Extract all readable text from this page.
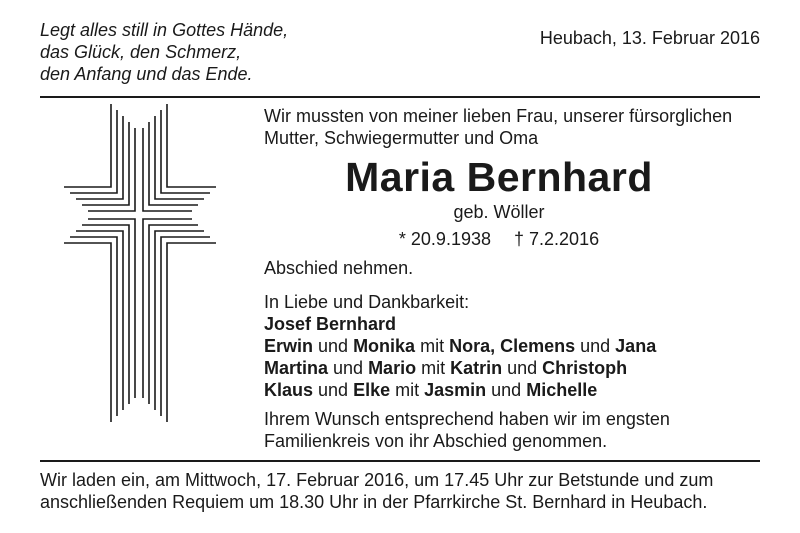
Legt alles still in Gottes Hände,
das Glück, den Schmerz,
den Anfang und das Ende.
Heubach, 13. Februar 2016
Wir mussten von meiner lieben Frau, unserer fürsorglichen
Mutter, Schwiegermutter und Oma
Maria Bernhard
geb. Wöller
* 20.9.1938 † 7.2.2016
Abschied nehmen.
In Liebe und Dankbarkeit:
Josef Bernhard
Erwin und Monika mit Nora, Clemens und Jana
Martina und Mario mit Katrin und Christoph
Klaus und Elke mit Jasmin und Michelle
Ihrem Wunsch entsprechend haben wir im engsten
Familienkreis von ihr Abschied genommen.
Wir laden ein, am Mittwoch, 17. Februar 2016, um 17.45 Uhr zur Betstunde und zum
anschließenden Requiem um 18.30 Uhr in der Pfarrkirche St. Bernhard in Heubach.
